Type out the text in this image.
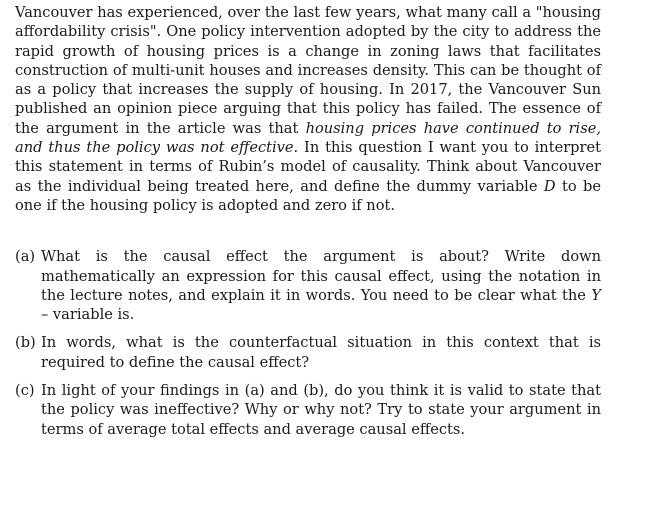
Vancouver has experienced, over the last few years, what many call a "housing affordability crisis". One policy intervention adopted by the city to address the rapid growth of housing prices is a change in zoning laws that facilitates construction of multi-unit houses and increases density. This can be thought of as a policy that increases the supply of housing. In 2017, the Vancouver Sun published an opinion piece arguing that this policy has failed. The essence of the argument in the article was that housing prices have continued to rise, and thus the policy was not effective. In this question I want you to interpret this statement in terms of Rubin’s model of causality. Think about Vancouver as the individual being treated here, and define the dummy variable D to be one if the housing policy is adopted and zero if not.

(a) What is the causal effect the argument is about? Write down mathematically an expression for this causal effect, using the notation in the lecture notes, and explain it in words. You need to be clear what the Y – variable is.
(b) In words, what is the counterfactual situation in this context that is required to define the causal effect?
(c) In light of your findings in (a) and (b), do you think it is valid to state that the policy was ineffective? Why or why not? Try to state your argument in terms of average total effects and average causal effects.
